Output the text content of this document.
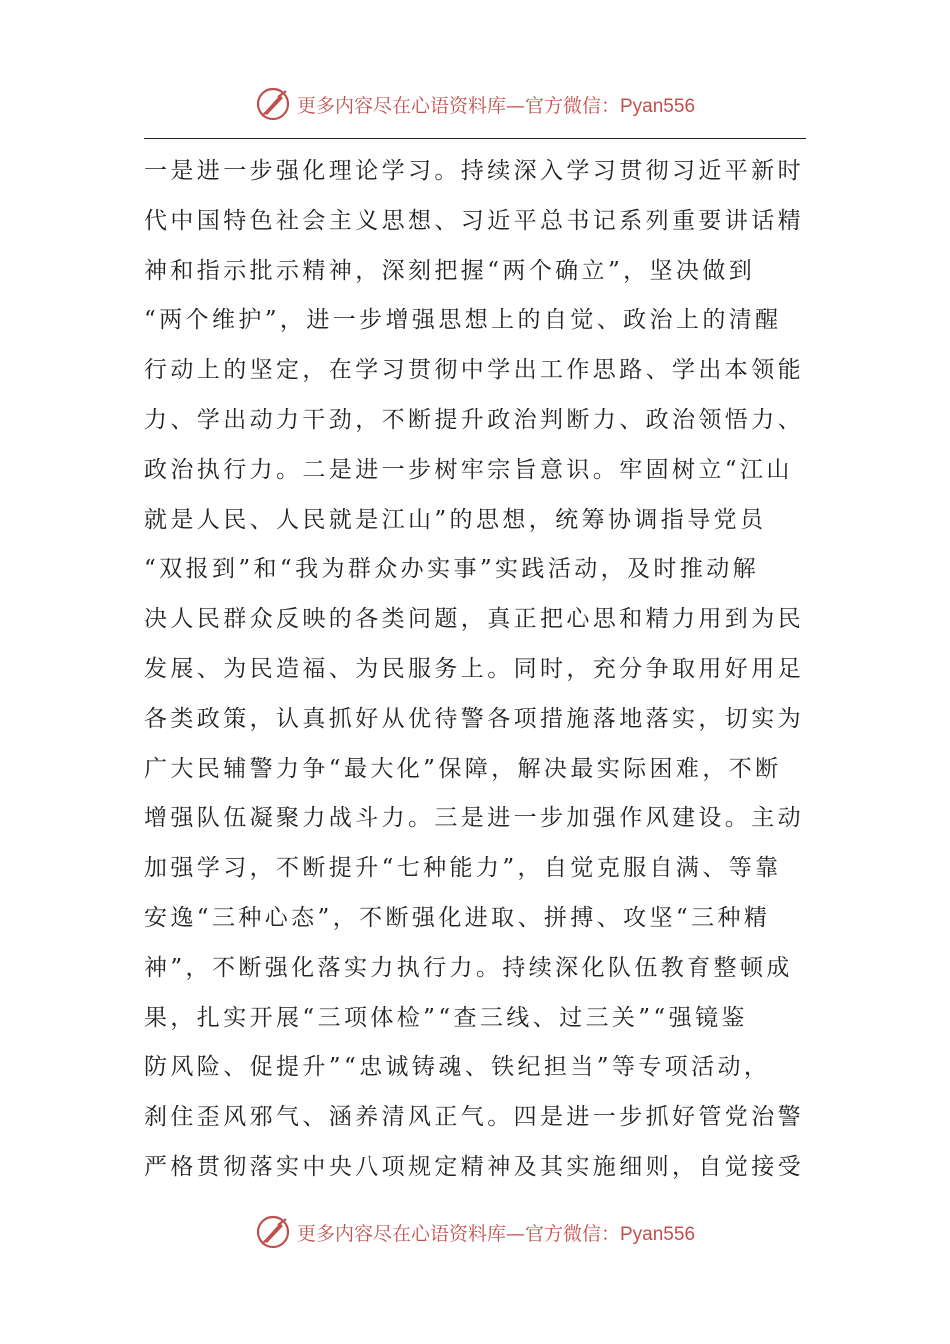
更多内容尽在心语资料库—官方微信：Pyan556
一是进一步强化理论学习。持续深入学习贯彻习近平新时
代中国特色社会主义思想、习近平总书记系列重要讲话精
神和指示批示精神，深刻把握“两个确立”，坚决做到
“两个维护”，进一步增强思想上的自觉、政治上的清醒
行动上的坚定，在学习贯彻中学出工作思路、学出本领能
力、学出动力干劲，不断提升政治判断力、政治领悟力、
政治执行力。二是进一步树牢宗旨意识。牢固树立“江山
就是人民、人民就是江山”的思想，统筹协调指导党员
“双报到”和“我为群众办实事”实践活动，及时推动解
决人民群众反映的各类问题，真正把心思和精力用到为民
发展、为民造福、为民服务上。同时，充分争取用好用足
各类政策，认真抓好从优待警各项措施落地落实，切实为
广大民辅警力争“最大化”保障，解决最实际困难，不断
增强队伍凝聚力战斗力。三是进一步加强作风建设。主动
加强学习，不断提升“七种能力”，自觉克服自满、等靠
安逸“三种心态”，不断强化进取、拼搏、攻坚“三种精
神”，不断强化落实力执行力。持续深化队伍教育整顿成
果，扎实开展“三项体检”“查三线、过三关”“强镜鉴
防风险、促提升”“忠诚铸魂、铁纪担当”等专项活动，
刹住歪风邪气、涵养清风正气。四是进一步抓好管党治警
严格贯彻落实中央八项规定精神及其实施细则，自觉接受
更多内容尽在心语资料库—官方微信：Pyan556
